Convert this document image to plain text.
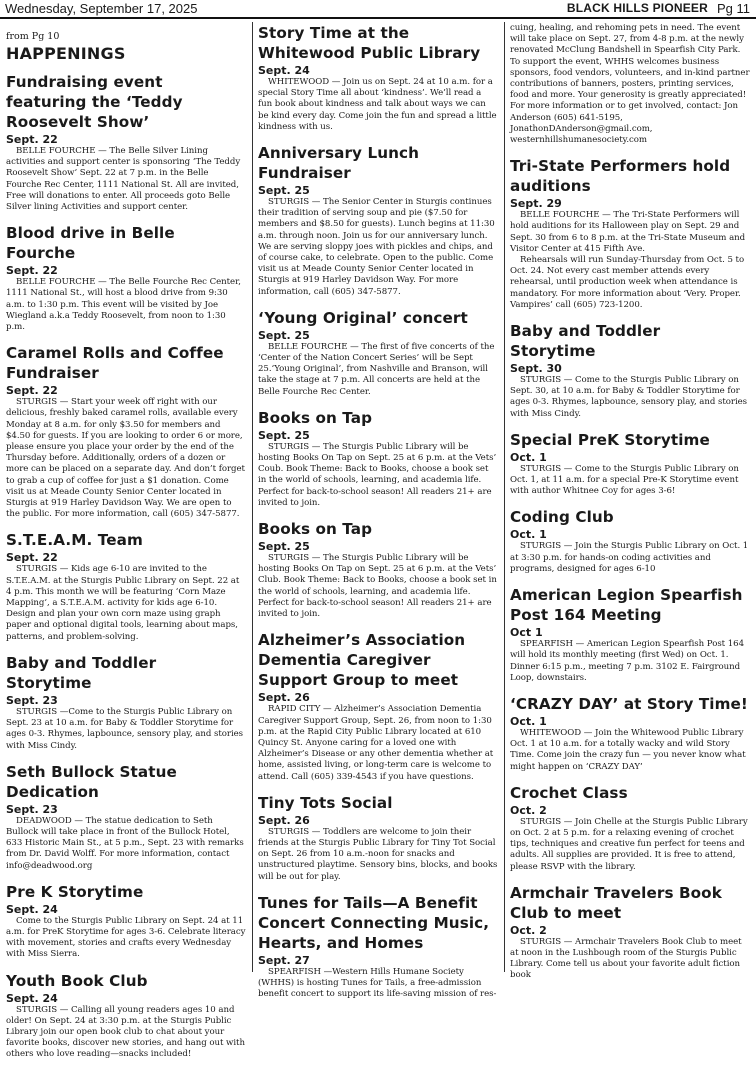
Wednesday, September 17, 2025	BLACK HILLS PIONEER Pg 11
from Pg 10
HAPPENINGS
Fundraising event featuring the ‘Teddy Roosevelt Show’
Sept. 22

BELLE FOURCHE — The Belle Silver Lining activities and support center is sponsoring ‘The Teddy Roosevelt Show’ Sept. 22 at 7 p.m. in the Belle Fourche Rec Center, 1111 National St. All are invited, Free will donations to enter. All proceeds goto Belle Silver lining Activities and support center.

Blood drive in Belle Fourche
Sept. 22

BELLE FOURCHE — The Belle Fourche Rec Center, 1111 National St., will host a blood drive from 9:30 a.m. to 1:30 p.m. This event will be visited by Joe Wiegland a.k.a Teddy Roosevelt, from noon to 1:30 p.m.

Caramel Rolls and Coffee Fundraiser
Sept. 22

STURGIS — Start your week off right with our delicious, freshly baked caramel rolls, available every Monday at 8 a.m. for only $3.50 for members and $4.50 for guests. If you are looking to order 6 or more, please ensure you place your order by the end of the Thursday before. Additionally, orders of a dozen or more can be placed on a separate day. And don’t forget to grab a cup of coffee for just a $1 donation. Come visit us at Meade County Senior Center located in Sturgis at 919 Harley Davidson Way. We are open to the public. For more information, call (605) 347-5877.

S.T.E.A.M. Team
Sept. 22

STURGIS — Kids age 6-10 are invited to the S.T.E.A.M. at the Sturgis Public Library on Sept. 22 at 4 p.m. This month we will be featuring ‘Corn Maze Mapping’, a S.T.E.A.M. activity for kids age 6-10. Design and plan your own corn maze using graph paper and optional digital tools, learning about maps, patterns, and problem-solving.

Baby and Toddler Storytime
Sept. 23

STURGIS —Come to the Sturgis Public Library on Sept. 23 at 10 a.m. for Baby & Toddler Storytime for ages 0-3. Rhymes, lapbounce, sensory play, and stories with Miss Cindy.

Seth Bullock Statue Dedication
Sept. 23

DEADWOOD — The statue dedication to Seth Bullock will take place in front of the Bullock Hotel, 633 Historic Main St., at 5 p.m., Sept. 23 with remarks from Dr. David Wolff. For more information, contact info@deadwood.org

Pre K Storytime
Sept. 24

Come to the Sturgis Public Library on Sept. 24 at 11 a.m. for PreK Storytime for ages 3-6. Celebrate literacy with movement, stories and crafts every Wednesday with Miss Sierra.

Youth Book Club
Sept. 24

STURGIS — Calling all young readers ages 10 and older! On Sept. 24 at 3:30 p.m. at the Sturgis Public Library join our open book club to chat about your favorite books, discover new stories, and hang out with others who love reading—snacks included!

Story Time at the Whitewood Public Library
Sept. 24

WHITEWOOD — Join us on Sept. 24 at 10 a.m. for a special Story Time all about ‘kindness’. We’ll read a fun book about kindness and talk about ways we can be kind every day. Come join the fun and spread a little kindness with us.

Anniversary Lunch Fundraiser
Sept. 25

STURGIS — The Senior Center in Sturgis continues their tradition of serving soup and pie ($7.50 for members and $8.50 for guests). Lunch begins at 11:30 a.m. through noon. Join us for our anniversary lunch. We are serving sloppy joes with pickles and chips, and of course cake, to celebrate. Open to the public. Come visit us at Meade County Senior Center located in Sturgis at 919 Harley Davidson Way. For more information, call (605) 347-5877.

‘Young Original’ concert
Sept. 25

BELLE FOURCHE — The first of five concerts of the ‘Center of the Nation Concert Series’ will be Sept 25.‘Young Original’, from Nashville and Branson, will take the stage at 7 p.m. All concerts are held at the Belle Fourche Rec Center.

Books on Tap
Sept. 25

STURGIS — The Sturgis Public Library will be hosting Books On Tap on Sept. 25 at 6 p.m. at the Vets’ Coub. Book Theme: Back to Books, choose a book set in the world of schools, learning, and academia life. Perfect for back-to-school season! All readers 21+ are invited to join.

Books on Tap
Sept. 25

STURGIS — The Sturgis Public Library will be hosting Books On Tap on Sept. 25 at 6 p.m. at the Vets’ Club. Book Theme: Back to Books, choose a book set in the world of schools, learning, and academia life. Perfect for back-to-school season! All readers 21+ are invited to join.

Alzheimer’s Association Dementia Caregiver Support Group to meet
Sept. 26

RAPID CITY — Alzheimer’s Association Dementia Caregiver Support Group, Sept. 26, from noon to 1:30 p.m. at the Rapid City Public Library located at 610 Quincy St. Anyone caring for a loved one with Alzheimer’s Disease or any other dementia whether at home, assisted living, or long-term care is welcome to attend. Call (605) 339-4543 if you have questions.

Tiny Tots Social
Sept. 26

STURGIS — Toddlers are welcome to join their friends at the Sturgis Public Library for Tiny Tot Social on Sept. 26 from 10 a.m.-noon for snacks and unstructured playtime. Sensory bins, blocks, and books will be out for play.

Tunes for Tails—A Benefit Concert Connecting Music, Hearts, and Homes
Sept. 27

SPEARFISH —Western Hills Humane Society (WHHS) is hosting Tunes for Tails, a free-admission benefit concert to support its life-saving mission of res-

cuing, healing, and rehoming pets in need. The event will take place on Sept. 27, from 4-8 p.m. at the newly renovated McClung Bandshell in Spearfish City Park. To support the event, WHHS welcomes business sponsors, food vendors, volunteers, and in-kind partner contributions of banners, posters, printing services, food and more. Your generosity is greatly appreciated! For more information or to get involved, contact: Jon Anderson (605) 641-5195, JonathonDAnderson@gmail.com, westernhillshumanesociety.com

Tri-State Performers hold auditions
Sept. 29

BELLE FOURCHE — The Tri-State Performers will hold auditions for its Halloween play on Sept. 29 and Sept. 30 from 6 to 8 p.m. at the Tri-State Museum and Visitor Center at 415 Fifth Ave.

Rehearsals will run Sunday-Thursday from Oct. 5 to Oct. 24. Not every cast member attends every rehearsal, until production week when attendance is mandatory. For more information about ‘Very. Proper. Vampires’ call (605) 723-1200.

Baby and Toddler Storytime
Sept. 30

STURGIS — Come to the Sturgis Public Library on Sept. 30, at 10 a.m. for Baby & Toddler Storytime for ages 0-3. Rhymes, lapbounce, sensory play, and stories with Miss Cindy.

Special PreK Storytime
Oct. 1

STURGIS — Come to the Sturgis Public Library on Oct. 1, at 11 a.m. for a special Pre-K Storytime event with author Whitnee Coy for ages 3-6!

Coding Club
Oct. 1

STURGIS — Join the Sturgis Public Library on Oct. 1 at 3:30 p.m. for hands-on coding activities and programs, designed for ages 6-10

American Legion Spearfish Post 164 Meeting
Oct 1

SPEARFISH — American Legion Spearfish Post 164 will hold its monthly meeting (first Wed) on Oct. 1. Dinner 6:15 p.m., meeting 7 p.m. 3102 E. Fairground Loop, downstairs.

‘CRAZY DAY’ at Story Time!
Oct. 1

WHITEWOOD — Join the Whitewood Public Library Oct. 1 at 10 a.m. for a totally wacky and wild Story Time. Come join the crazy fun — you never know what might happen on ‘CRAZY DAY’

Crochet Class
Oct. 2

STURGIS — Join Chelle at the Sturgis Public Library on Oct. 2 at 5 p.m. for a relaxing evening of crochet tips, techniques and creative fun perfect for teens and adults. All supplies are provided. It is free to attend, please RSVP with the library.

Armchair Travelers Book Club to meet
Oct. 2

STURGIS — Armchair Travelers Book Club to meet at noon in the Lushbough room of the Sturgis Public Library. Come tell us about your favorite adult fiction book
